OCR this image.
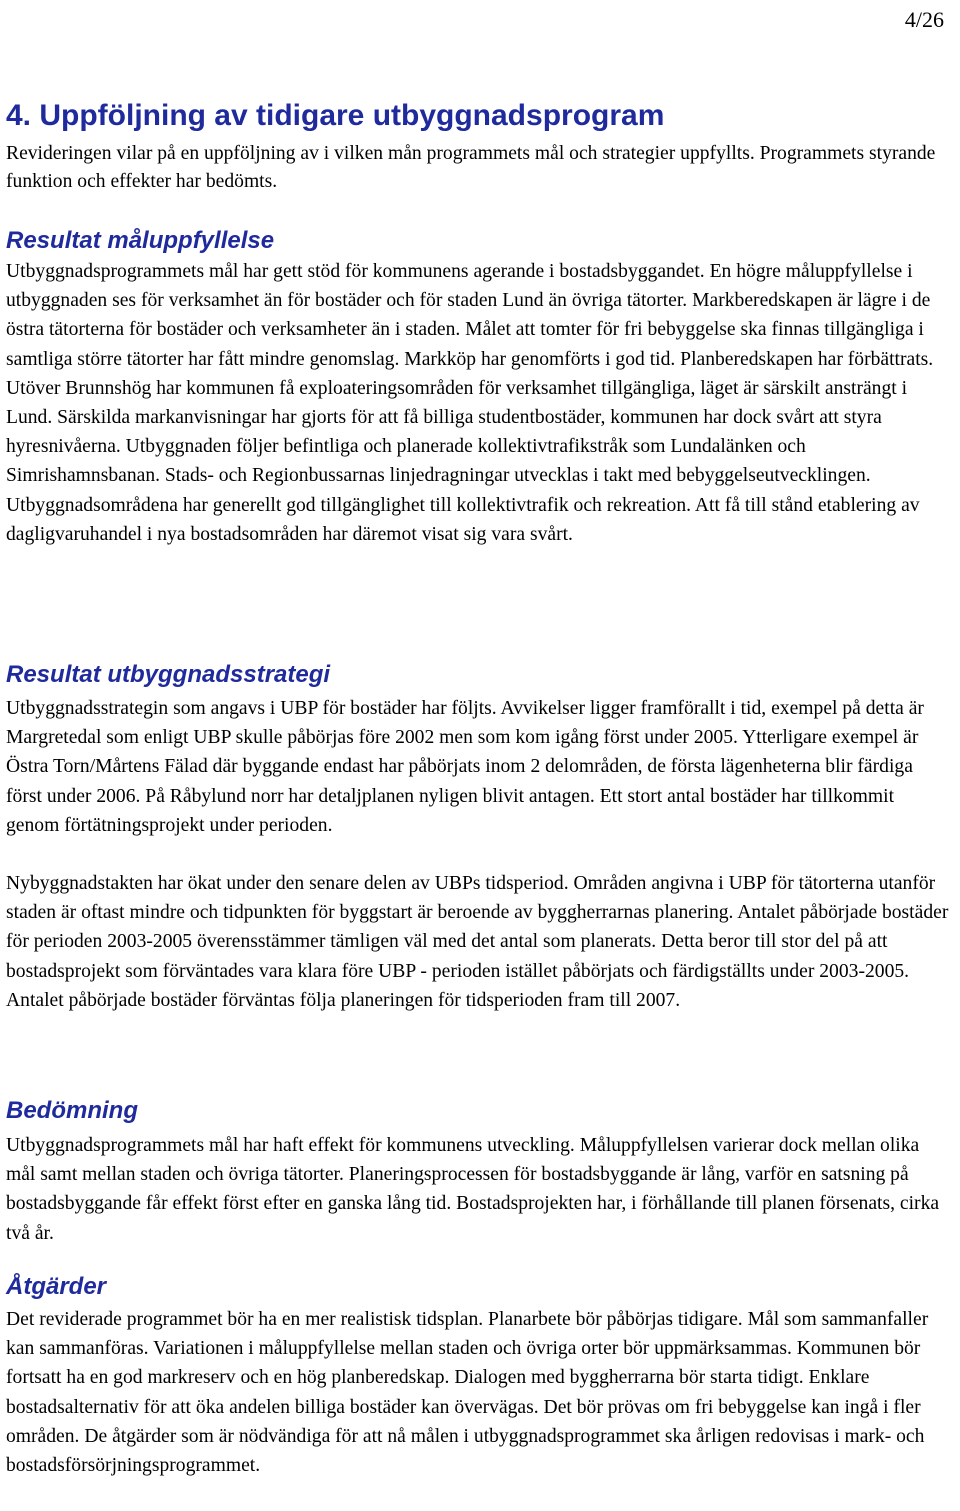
4/26
4. Uppföljning av tidigare utbyggnadsprogram

Revideringen vilar på en uppföljning av i vilken mån programmets mål och strategier uppfyllts. Programmets styrande funktion och effekter har bedömts.

Resultat måluppfyllelse

Utbyggnadsprogrammets mål har gett stöd för kommunens agerande i bostadsbyggandet. En högre måluppfyllelse i utbyggnaden ses för verksamhet än för bostäder och för staden Lund än övriga tätorter. Markberedskapen är lägre i de östra tätorterna för bostäder och verksamheter än i staden. Målet att tomter för fri bebyggelse ska finnas tillgängliga i samtliga större tätorter har fått mindre genomslag. Markköp har genomförts i god tid. Planberedskapen har förbättrats. Utöver Brunnshög har kommunen få exploateringsområden för verksamhet tillgängliga, läget är särskilt ansträngt i Lund. Särskilda markanvisningar har gjorts för att få billiga studentbostäder, kommunen har dock svårt att styra hyresnivåerna. Utbyggnaden följer befintliga och planerade kollektivtrafikstråk som Lundalänken och Simrishamnsbanan. Stads- och Regionbussarnas linjedragningar utvecklas i takt med bebyggelseutvecklingen. Utbyggnadsområdena har generellt god tillgänglighet till kollektivtrafik och rekreation. Att få till stånd etablering av dagligvaruhandel i nya bostadsområden har däremot visat sig vara svårt.

Resultat utbyggnadsstrategi

Utbyggnadsstrategin som angavs i UBP för bostäder har följts. Avvikelser ligger framförallt i tid, exempel på detta är Margretedal som enligt UBP skulle påbörjas före 2002 men som kom igång först under 2005. Ytterligare exempel är Östra Torn/Mårtens Fälad där byggande endast har påbörjats inom 2 delområden, de första lägenheterna blir färdiga först under 2006. På Råbylund norr har detaljplanen nyligen blivit antagen. Ett stort antal bostäder har tillkommit genom förtätningsprojekt under perioden.

Nybyggnadstakten har ökat under den senare delen av UBPs tidsperiod. Områden angivna i UBP för tätorterna utanför staden är oftast mindre och tidpunkten för byggstart är beroende av byggherrarnas planering. Antalet påbörjade bostäder för perioden 2003-2005 överensstämmer tämligen väl med det antal som planerats. Detta beror till stor del på att bostadsprojekt som förväntades vara klara före UBP - perioden istället påbörjats och färdigställts under 2003-2005. Antalet påbörjade bostäder förväntas följa planeringen för tidsperioden fram till 2007.

Bedömning

Utbyggnadsprogrammets mål har haft effekt för kommunens utveckling. Måluppfyllelsen varierar dock mellan olika mål samt mellan staden och övriga tätorter. Planeringsprocessen för bostadsbyggande är lång, varför en satsning på bostadsbyggande får effekt först efter en ganska lång tid. Bostadsprojekten har, i förhållande till planen försenats, cirka två år.

Åtgärder

Det reviderade programmet bör ha en mer realistisk tidsplan. Planarbete bör påbörjas tidigare. Mål som sammanfaller kan sammanföras. Variationen i måluppfyllelse mellan staden och övriga orter bör uppmärksammas. Kommunen bör fortsatt ha en god markreserv och en hög planberedskap. Dialogen med byggherrarna bör starta tidigt. Enklare bostadsalternativ för att öka andelen billiga bostäder kan övervägas. Det bör prövas om fri bebyggelse kan ingå i fler områden. De åtgärder som är nödvändiga för att nå målen i utbyggnadsprogrammet ska årligen redovisas i mark- och bostadsförsörjningsprogrammet.
